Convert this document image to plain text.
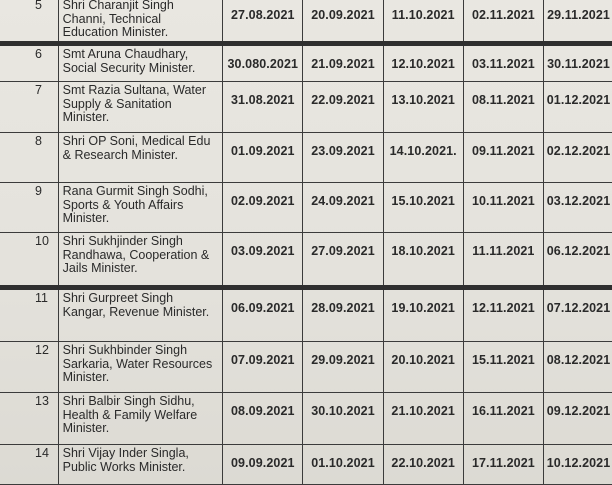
5	Shri Charanjit Singh Channi, Technical Education Minister.	27.08.2021	20.09.2021	11.10.2021	02.11.2021	29.11.2021
6	Smt Aruna Chaudhary, Social Security Minister.	30.080.2021	21.09.2021	12.10.2021	03.11.2021	30.11.2021
7	Smt Razia Sultana, Water Supply & Sanitation Minister.	31.08.2021	22.09.2021	13.10.2021	08.11.2021	01.12.2021
8	Shri OP Soni, Medical Edu & Research Minister.	01.09.2021	23.09.2021	14.10.2021.	09.11.2021	02.12.2021
9	Rana Gurmit Singh Sodhi, Sports & Youth Affairs Minister.	02.09.2021	24.09.2021	15.10.2021	10.11.2021	03.12.2021
10	Shri Sukhjinder Singh Randhawa, Cooperation & Jails Minister.	03.09.2021	27.09.2021	18.10.2021	11.11.2021	06.12.2021
11	Shri Gurpreet Singh Kangar, Revenue Minister.	06.09.2021	28.09.2021	19.10.2021	12.11.2021	07.12.2021
12	Shri Sukhbinder Singh Sarkaria, Water Resources Minister.	07.09.2021	29.09.2021	20.10.2021	15.11.2021	08.12.2021
13	Shri Balbir Singh Sidhu, Health & Family Welfare Minister.	08.09.2021	30.10.2021	21.10.2021	16.11.2021	09.12.2021
14	Shri Vijay Inder Singla, Public Works Minister.	09.09.2021	01.10.2021	22.10.2021	17.11.2021	10.12.2021
